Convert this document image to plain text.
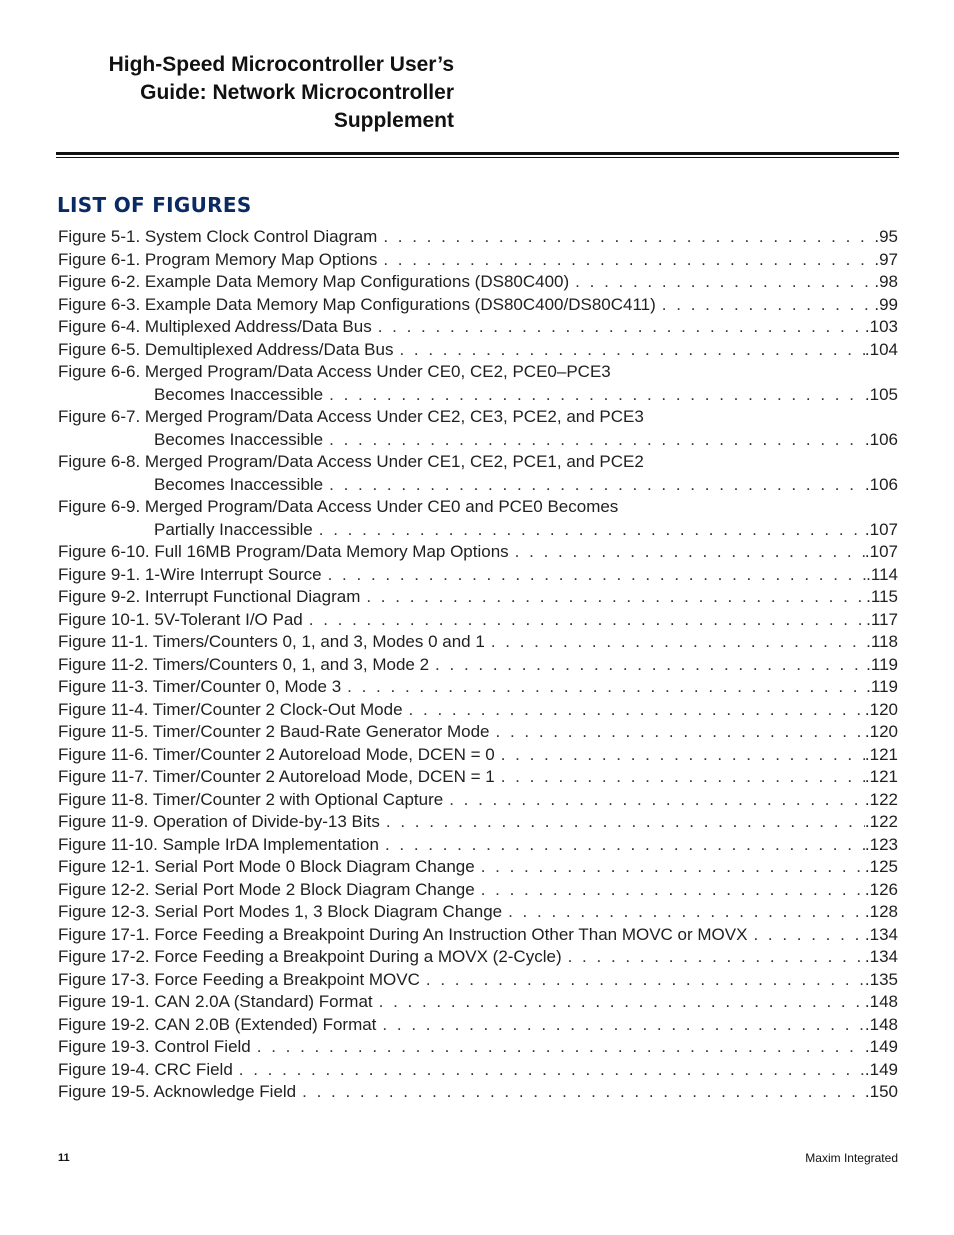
High-Speed Microcontroller User’s
Guide: Network Microcontroller
Supplement
LIST OF FIGURES
Figure 5-1. System Clock Control Diagram . . .	.95
Figure 6-1. Program Memory Map Options . . .	.97
Figure 6-2. Example Data Memory Map Configurations (DS80C400) . . .	.98
Figure 6-3. Example Data Memory Map Configurations (DS80C400/DS80C411) . . .	.99
Figure 6-4. Multiplexed Address/Data Bus . . .	.103
Figure 6-5. Demultiplexed Address/Data Bus . . .	.104
Figure 6-6. Merged Program/Data Access Under CE0, CE2, PCE0–PCE3
Becomes Inaccessible . . .	.105
Figure 6-7. Merged Program/Data Access Under CE2, CE3, PCE2, and PCE3
Becomes Inaccessible . . .	.106
Figure 6-8. Merged Program/Data Access Under CE1, CE2, PCE1, and PCE2
Becomes Inaccessible . . .	.106
Figure 6-9. Merged Program/Data Access Under CE0 and PCE0 Becomes
Partially Inaccessible . . .	.107
Figure 6-10. Full 16MB Program/Data Memory Map Options . . .	.107
Figure 9-1. 1-Wire Interrupt Source . . .	.114
Figure 9-2. Interrupt Functional Diagram . . .	.115
Figure 10-1. 5V-Tolerant I/O Pad . . .	.117
Figure 11-1. Timers/Counters 0, 1, and 3, Modes 0 and 1 . . .	.118
Figure 11-2. Timers/Counters 0, 1, and 3, Mode 2 . . .	.119
Figure 11-3. Timer/Counter 0, Mode 3 . . .	.119
Figure 11-4. Timer/Counter 2 Clock-Out Mode . . .	.120
Figure 11-5. Timer/Counter 2 Baud-Rate Generator Mode . . .	.120
Figure 11-6. Timer/Counter 2 Autoreload Mode, DCEN = 0 . . .	.121
Figure 11-7. Timer/Counter 2 Autoreload Mode, DCEN = 1 . . .	.121
Figure 11-8. Timer/Counter 2 with Optional Capture . . .	.122
Figure 11-9. Operation of Divide-by-13 Bits . . .	.122
Figure 11-10. Sample IrDA Implementation . . .	.123
Figure 12-1. Serial Port Mode 0 Block Diagram Change . . .	.125
Figure 12-2. Serial Port Mode 2 Block Diagram Change . . .	.126
Figure 12-3. Serial Port Modes 1, 3 Block Diagram Change . . .	.128
Figure 17-1. Force Feeding a Breakpoint During An Instruction Other Than MOVC or MOVX . . .	.134
Figure 17-2. Force Feeding a Breakpoint During a MOVX (2-Cycle) . . .	.134
Figure 17-3. Force Feeding a Breakpoint MOVC . . .	.135
Figure 19-1. CAN 2.0A (Standard) Format . . .	.148
Figure 19-2. CAN 2.0B (Extended) Format . . .	.148
Figure 19-3. Control Field . . .	.149
Figure 19-4. CRC Field . . .	.149
Figure 19-5. Acknowledge Field . . .	.150
11	Maxim Integrated
